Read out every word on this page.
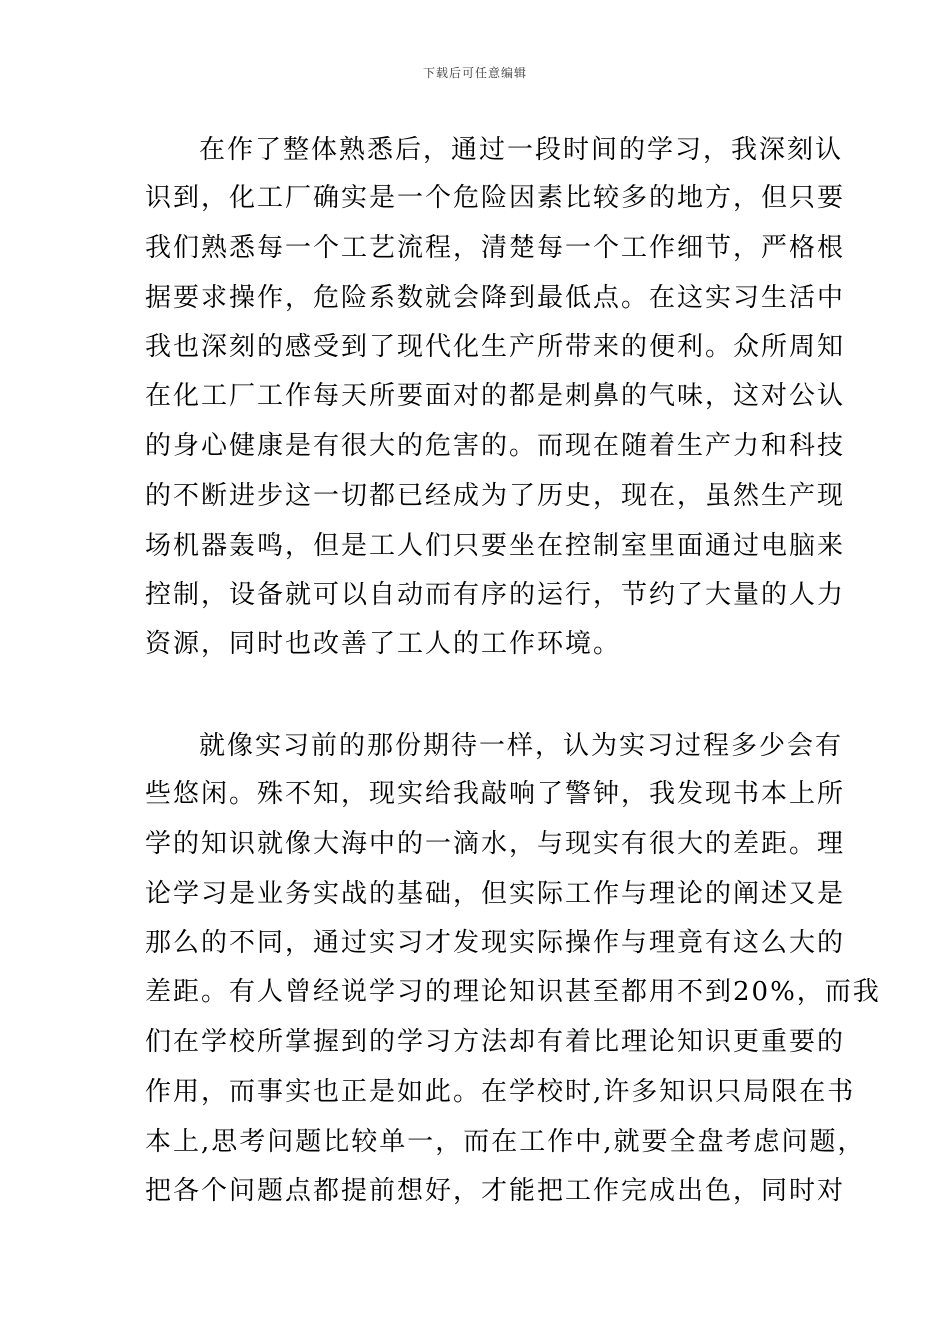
下载后可任意编辑
在作了整体熟悉后，通过一段时间的学习，我深刻认
识到，化工厂确实是一个危险因素比较多的地方，但只要
我们熟悉每一个工艺流程，清楚每一个工作细节，严格根
据要求操作，危险系数就会降到最低点。在这实习生活中
我也深刻的感受到了现代化生产所带来的便利。众所周知
在化工厂工作每天所要面对的都是刺鼻的气味，这对公认
的身心健康是有很大的危害的。而现在随着生产力和科技
的不断进步这一切都已经成为了历史，现在，虽然生产现
场机器轰鸣，但是工人们只要坐在控制室里面通过电脑来
控制，设备就可以自动而有序的运行，节约了大量的人力
资源，同时也改善了工人的工作环境。
就像实习前的那份期待一样，认为实习过程多少会有
些悠闲。殊不知，现实给我敲响了警钟，我发现书本上所
学的知识就像大海中的一滴水，与现实有很大的差距。理
论学习是业务实战的基础，但实际工作与理论的阐述又是
那么的不同，通过实习才发现实际操作与理竟有这么大的
差距。有人曾经说学习的理论知识甚至都用不到20%，而我
们在学校所掌握到的学习方法却有着比理论知识更重要的
作用，而事实也正是如此。在学校时,许多知识只局限在书
本上,思考问题比较单一，而在工作中,就要全盘考虑问题，
把各个问题点都提前想好，才能把工作完成出色，同时对
